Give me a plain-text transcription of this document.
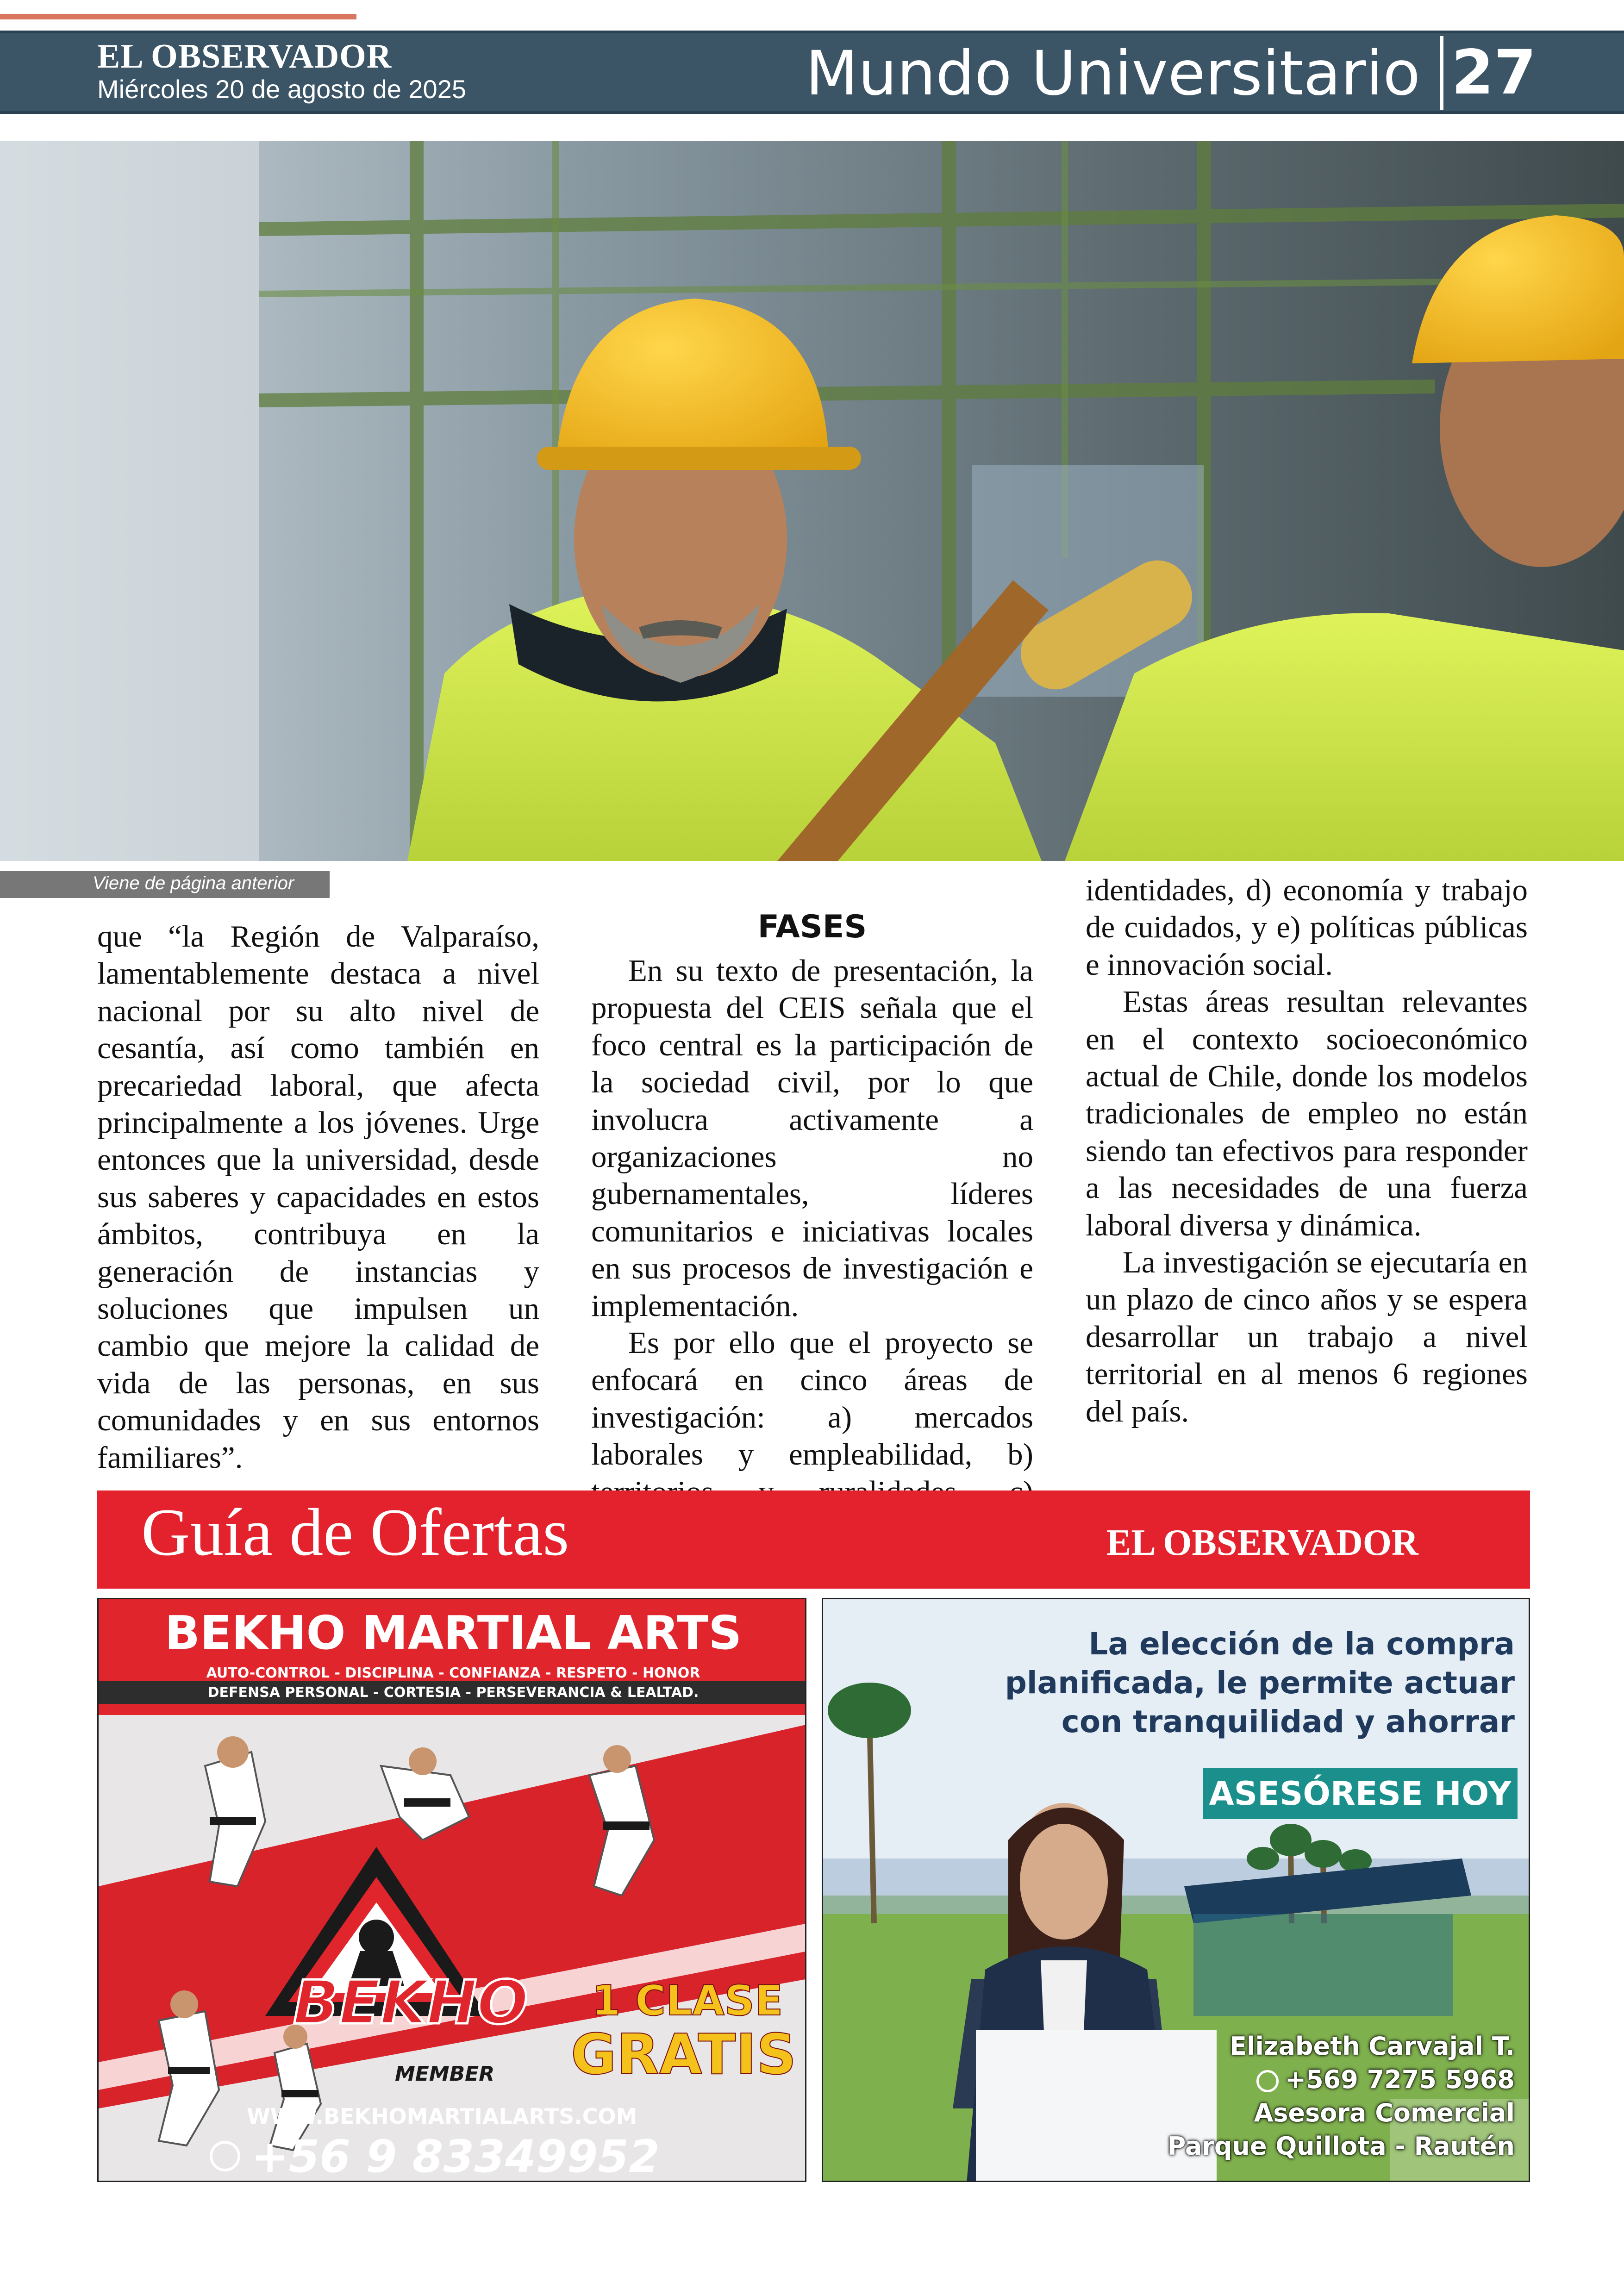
EL OBSERVADOR
Miércoles 20 de agosto de 2025	Mundo Universitario 27
Viene de página anterior

que “la Región de Valparaíso, lamentablemente destaca a nivel nacional por su alto nivel de cesantía, así como también en precariedad laboral, que afecta principalmente a los jóvenes. Urge entonces que la universidad, desde sus saberes y capacidades en estos ámbitos, contribuya en la generación de instancias y soluciones que impulsen un cambio que mejore la calidad de vida de las personas, en sus comunidades y en sus entornos familiares”.

FASES

En su texto de presentación, la propuesta del CEIS señala que el foco central es la participación de la sociedad civil, por lo que involucra activamente a organizaciones no gubernamentales, líderes comunitarios e iniciativas locales en sus procesos de investigación e implementación.

Es por ello que el proyecto se enfocará en cinco áreas de investigación: a) mercados laborales y empleabilidad, b)

identidades, d) economía y trabajo de cuidados, y e) políticas públicas e innovación social.

Estas áreas resultan relevantes en el contexto socioeconómico actual de Chile, donde los modelos tradicionales de empleo no están siendo tan efectivos para responder a las necesidades de una fuerza laboral diversa y dinámica.

La investigación se ejecutaría en un plazo de cinco años y se espera desarrollar un trabajo a nivel territorial en al menos 6 regiones del país.

Guía de Ofertas	EL OBSERVADOR
BEKHO MARTIAL ARTS
AUTO-CONTROL - DISCIPLINA - CONFIANZA - RESPETO - HONOR
DEFENSA PERSONAL - CORTESIA - PERSEVERANCIA & LEALTAD.
BEKHO
MEMBER
1 CLASE
GRATIS
WWW.BEKHOMARTIALARTS.COM
+56 9 83349952
La elección de la compra
planificada, le permite actuar
con tranquilidad y ahorrar
ASESÓRESE HOY
Elizabeth Carvajal T.
+569 7275 5968
Asesora Comercial
Parque Quillota - Rautén
